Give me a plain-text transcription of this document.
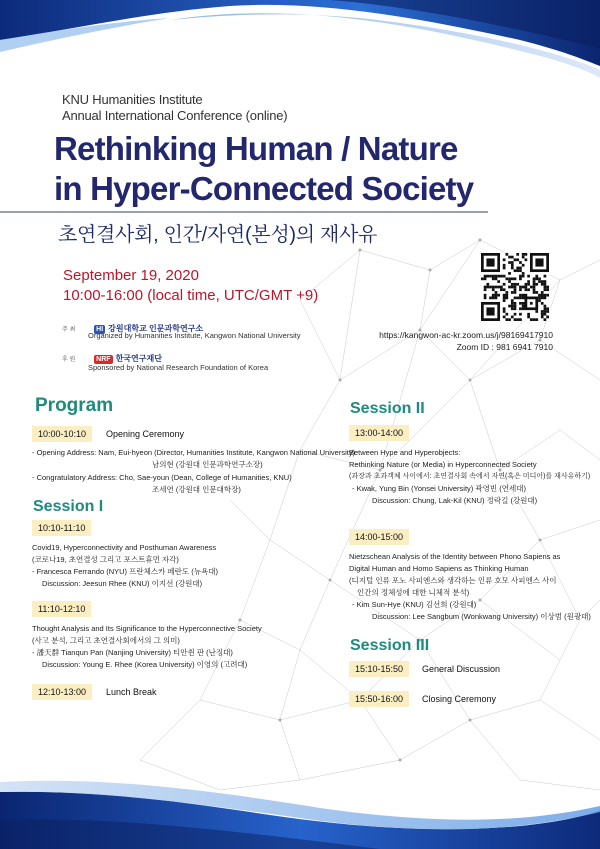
KNU Humanities Institute
Annual International Conference (online)
Rethinking Human / Nature
in Hyper-Connected Society
초연결사회, 인간/자연(본성)의 재사유
September 19, 2020
10:00-16:00 (local time, UTC/GMT +9)
주 최	HI 강원대학교 인문과학연구소
Organized by Humanities Institute, Kangwon National University
후 원	NRF 한국연구재단
Sponsored by National Research Foundation of Korea
https://kangwon-ac-kr.zoom.us/j/98169417910
Zoom ID : 981 6941 7910
Program
10:00-10:10	Opening Ceremony
- Opening Address: Nam, Eui-hyeon (Director, Humanities Institute, Kangwon National University)
남의현 (강원대 인문과학연구소장)
- Congratulatory Address: Cho, Sae-youn (Dean, College of Humanities, KNU)
조세연 (강원대 인문대학장)
Session I
10:10-11:10
Covid19, Hyperconnectivity and Posthuman Awareness
(코로나19, 초연결성 그리고 포스트휴먼 자각)
- Francesca Ferrando (NYU) 프란체스카 페란도 (뉴욕대)
Discussion: Jeesun Rhee (KNU) 이지선 (강원대)
11:10-12:10
Thought Analysis and Its Significance to the Hyperconnective Society
(사고 분석, 그리고 초연결사회에서의 그 의미)
- 潘天群 Tianqun Pan (Nanjing University) 티안췬 판 (난징대)
Discussion: Young E. Rhee (Korea University) 이영의 (고려대)
12:10-13:00	Lunch Break
Session II
13:00-14:00
Between Hype and Hyperobjects:
Rethinking Nature (or Media) in Hyperconnected Society
(과장과 초과객체 사이에서: 초연결사회 속에서 자연(혹은 미디어)를 재사유하기)
- Kwak, Yung Bin (Yonsei University) 곽영빈 (연세대)
Discussion: Chung, Lak-Kil (KNU) 정락길 (강원대)
14:00-15:00
Nietzschean Analysis of the Identity between Phono Sapiens as
Digital Human and Homo Sapiens as Thinking Human
(디지털 인류 포노 사피엔스와 생각하는 인류 호모 사피엔스 사이
인간의 정체성에 대한 니체적 분석)
- Kim Sun-Hye (KNU) 김선희 (강원대)
Discussion: Lee Sangbum (Wonkwang University) 이상범 (원광대)
Session III
15:10-15:50	General Discussion
15:50-16:00	Closing Ceremony
